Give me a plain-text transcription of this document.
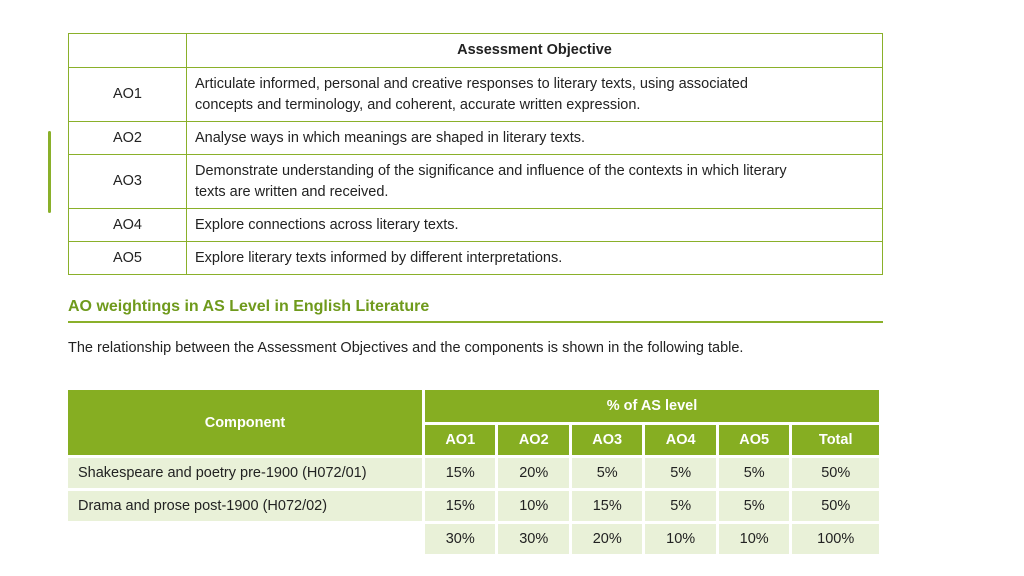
	Assessment Objective
AO1	Articulate informed, personal and creative responses to literary texts, using associated
concepts and terminology, and coherent, accurate written expression.
AO2	Analyse ways in which meanings are shaped in literary texts.
AO3	Demonstrate understanding of the significance and influence of the contexts in which literary
texts are written and received.
AO4	Explore connections across literary texts.
AO5	Explore literary texts informed by different interpretations.
AO weightings in AS Level in English Literature

The relationship between the Assessment Objectives and the components is shown in the following table.

Component	% of AS level					
	AO1	AO2	AO3	AO4	AO5	Total
Shakespeare and poetry pre-1900 (H072/01)	15%	20%	5%	5%	5%	50%
Drama and prose post-1900 (H072/02)	15%	10%	15%	5%	5%	50%
	30%	30%	20%	10%	10%	100%
